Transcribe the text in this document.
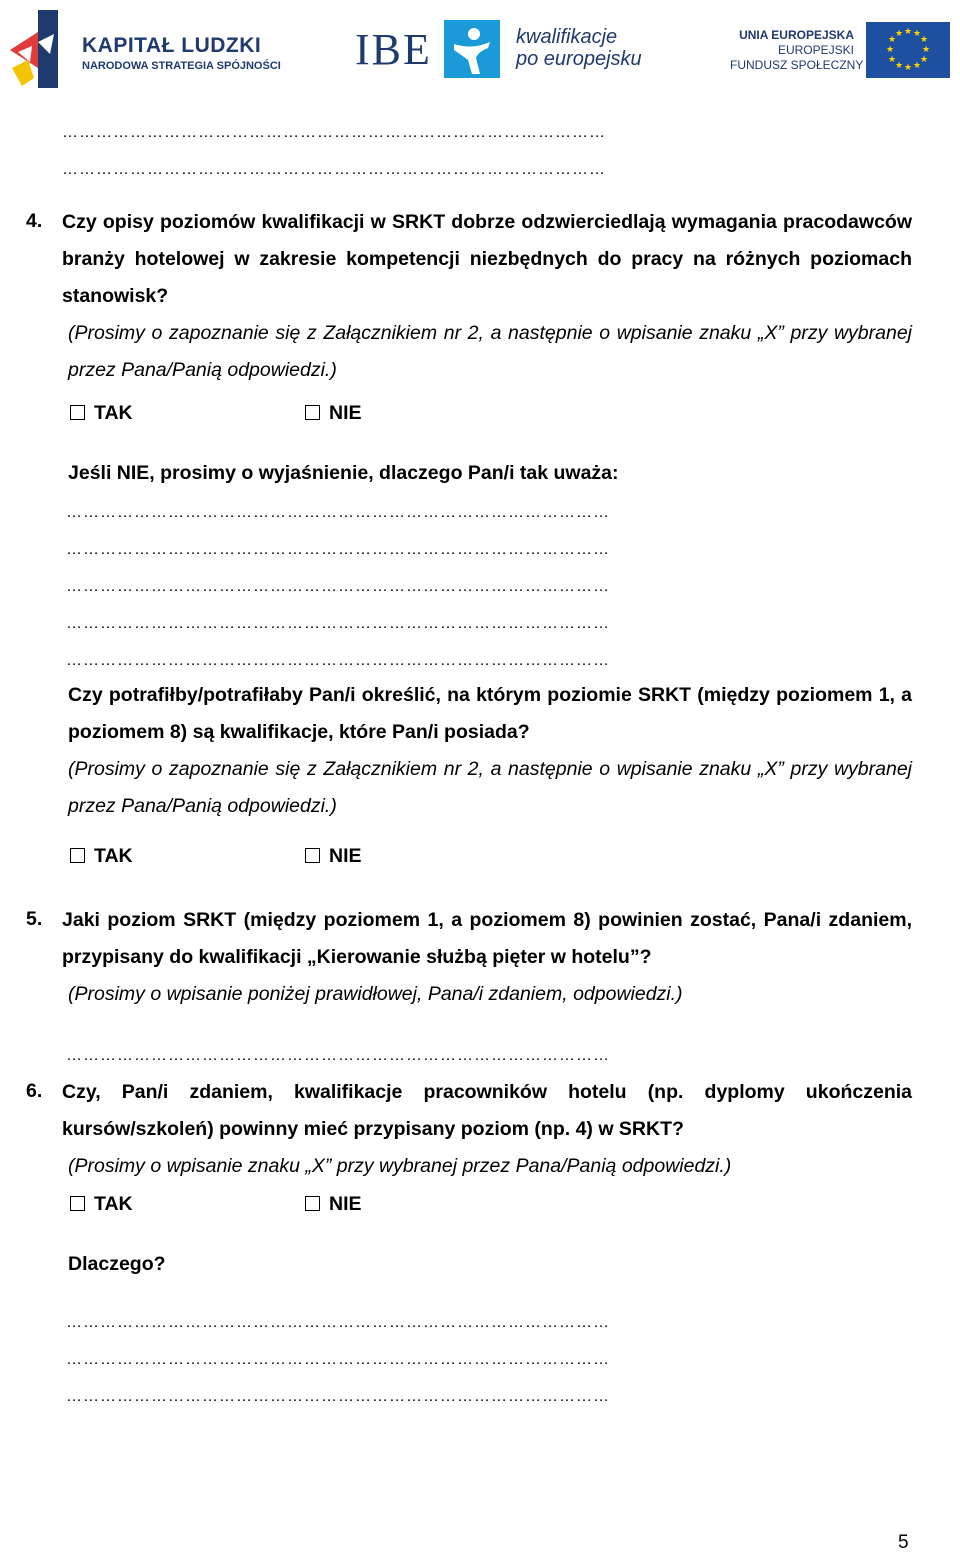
KAPITAŁ LUDZKI
NARODOWA STRATEGIA SPÓJNOŚCI IBE	kwalifikacje
po europejsku
UNIA EUROPEJSKA
EUROPEJSKI
FUNDUSZ SPOŁECZNY
★ ★
★
★
★
★
★
★
★
★
★
★
……………………………………………………………………………………
……………………………………………………………………………………
4. Czy opisy poziomów kwalifikacji w SRKT dobrze odzwierciedlają wymagania pracodawców branży hotelowej w zakresie kompetencji niezbędnych do pracy na różnych poziomach stanowisk?
(Prosimy o zapoznanie się z Załącznikiem nr 2, a następnie o wpisanie znaku „X” przy wybranej przez Pana/Panią odpowiedzi.)
TAK	NIE
Jeśli NIE, prosimy o wyjaśnienie, dlaczego Pan/i tak uważa:
……………………………………………………………………………………
……………………………………………………………………………………
……………………………………………………………………………………
……………………………………………………………………………………
……………………………………………………………………………………
Czy potrafiłby/potrafiłaby Pan/i określić, na którym poziomie SRKT (między poziomem 1, a poziomem 8) są kwalifikacje, które Pan/i posiada?
(Prosimy o zapoznanie się z Załącznikiem nr 2, a następnie o wpisanie znaku „X” przy wybranej przez Pana/Panią odpowiedzi.)
TAK	NIE
5. Jaki poziom SRKT (między poziomem 1, a poziomem 8) powinien zostać, Pana/i zdaniem, przypisany do kwalifikacji „Kierowanie służbą pięter w hotelu”?
(Prosimy o wpisanie poniżej prawidłowej, Pana/i zdaniem, odpowiedzi.)
……………………………………………………………………………………
6. Czy, Pan/i zdaniem, kwalifikacje pracowników hotelu (np. dyplomy ukończenia kursów/szkoleń) powinny mieć przypisany poziom (np. 4) w SRKT?
(Prosimy o wpisanie znaku „X” przy wybranej przez Pana/Panią odpowiedzi.)
TAK	NIE
Dlaczego?
……………………………………………………………………………………
……………………………………………………………………………………
……………………………………………………………………………………
5
